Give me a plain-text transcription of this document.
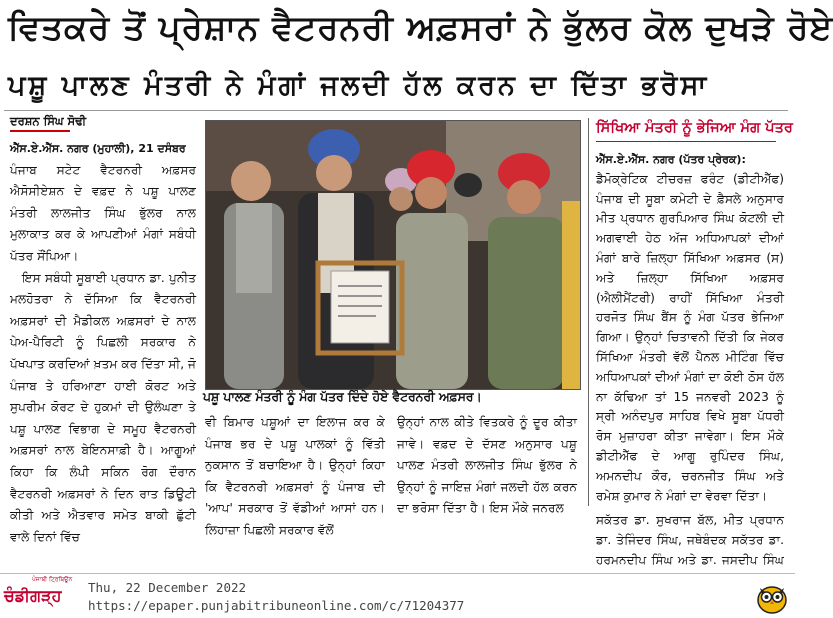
ਵਿਤਕਰੇ ਤੋਂ ਪ੍ਰੇਸ਼ਾਨ ਵੈਟਰਨਰੀ ਅਫ਼ਸਰਾਂ ਨੇ ਭੁੱਲਰ ਕੋਲ ਦੁਖੜੇ ਰੋਏ
ਪਸ਼ੂ ਪਾਲਣ ਮੰਤਰੀ ਨੇ ਮੰਗਾਂ ਜਲਦੀ ਹੱਲ ਕਰਨ ਦਾ ਦਿੱਤਾ ਭਰੋਸਾ
ਦਰਸ਼ਨ ਸਿੰਘ ਸੋਢੀ

ਐੱਸ.ਏ.ਐੱਸ. ਨਗਰ (ਮੁਹਾਲੀ), 21 ਦਸੰਬਰ

ਪੰਜਾਬ ਸਟੇਟ ਵੈਟਰਨਰੀ ਅਫ਼ਸਰ ਐਸੋਸੀਏਸ਼ਨ ਦੇ ਵਫ਼ਦ ਨੇ ਪਸ਼ੂ ਪਾਲਣ ਮੰਤਰੀ ਲਾਲਜੀਤ ਸਿੰਘ ਭੁੱਲਰ ਨਾਲ ਮੁਲਾਕਾਤ ਕਰ ਕੇ ਆਪਣੀਆਂ ਮੰਗਾਂ ਸਬੰਧੀ ਪੱਤਰ ਸੌਂਪਿਆ।

ਇਸ ਸਬੰਧੀ ਸੂਬਾਈ ਪ੍ਰਧਾਨ ਡਾ. ਪੁਨੀਤ ਮਲਹੋਤਰਾ ਨੇ ਦੱਸਿਆ ਕਿ ਵੈਟਰਨਰੀ ਅਫ਼ਸਰਾਂ ਦੀ ਮੈਡੀਕਲ ਅਫ਼ਸਰਾਂ ਦੇ ਨਾਲ ਪੇਅ-ਪੈਰਿਟੀ ਨੂੰ ਪਿਛਲੀ ਸਰਕਾਰ ਨੇ ਪੱਖਪਾਤ ਕਰਦਿਆਂ ਖ਼ਤਮ ਕਰ ਦਿੱਤਾ ਸੀ, ਜੋ ਪੰਜਾਬ ਤੇ ਹਰਿਆਣਾ ਹਾਈ ਕੋਰਟ ਅਤੇ ਸੁਪਰੀਮ ਕੋਰਟ ਦੇ ਹੁਕਮਾਂ ਦੀ ਉਲੰਘਣਾ ਤੇ ਪਸ਼ੂ ਪਾਲਣ ਵਿਭਾਗ ਦੇ ਸਮੂਹ ਵੈਟਰਨਰੀ ਅਫ਼ਸਰਾਂ ਨਾਲ ਬੇਇਨਸਾਫ਼ੀ ਹੈ। ਆਗੂਆਂ ਕਿਹਾ ਕਿ ਲੰਪੀ ਸਕਿਨ ਰੋਗ ਦੌਰਾਨ ਵੈਟਰਨਰੀ ਅਫ਼ਸਰਾਂ ਨੇ ਦਿਨ ਰਾਤ ਡਿਊਟੀ ਕੀਤੀ ਅਤੇ ਐਤਵਾਰ ਸਮੇਤ ਬਾਕੀ ਛੁੱਟੀ ਵਾਲੇ ਦਿਨਾਂ ਵਿੱਚ

ਪਸ਼ੂ ਪਾਲਣ ਮੰਤਰੀ ਨੂੰ ਮੰਗ ਪੱਤਰ ਦਿੰਦੇ ਹੋਏ ਵੈਟਰਨਰੀ ਅਫ਼ਸਰ।

ਵੀ ਬਿਮਾਰ ਪਸ਼ੂਆਂ ਦਾ ਇਲਾਜ ਕਰ ਕੇ ਪੰਜਾਬ ਭਰ ਦੇ ਪਸ਼ੂ ਪਾਲਕਾਂ ਨੂੰ ਵਿੱਤੀ ਨੁਕਸਾਨ ਤੋਂ ਬਚਾਇਆ ਹੈ। ਉਨ੍ਹਾਂ ਕਿਹਾ ਕਿ ਵੈਟਰਨਰੀ ਅਫ਼ਸਰਾਂ ਨੂੰ ਪੰਜਾਬ ਦੀ 'ਆਪ' ਸਰਕਾਰ ਤੋਂ ਵੱਡੀਆਂ ਆਸਾਂ ਹਨ। ਲਿਹਾਜ਼ਾ ਪਿਛਲੀ ਸਰਕਾਰ ਵੱਲੋਂ

ਉਨ੍ਹਾਂ ਨਾਲ ਕੀਤੇ ਵਿਤਕਰੇ ਨੂੰ ਦੂਰ ਕੀਤਾ ਜਾਵੇ। ਵਫ਼ਦ ਦੇ ਦੱਸਣ ਅਨੁਸਾਰ ਪਸ਼ੂ ਪਾਲਣ ਮੰਤਰੀ ਲਾਲਜੀਤ ਸਿੰਘ ਭੁੱਲਰ ਨੇ ਉਨ੍ਹਾਂ ਨੂੰ ਜਾਇਜ਼ ਮੰਗਾਂ ਜਲਦੀ ਹੱਲ ਕਰਨ ਦਾ ਭਰੋਸਾ ਦਿੱਤਾ ਹੈ। ਇਸ ਮੌਕੇ ਜਨਰਲ

ਸਿੱਖਿਆ ਮੰਤਰੀ ਨੂੰ ਭੇਜਿਆ ਮੰਗ ਪੱਤਰ

ਐੱਸ.ਏ.ਐੱਸ. ਨਗਰ (ਪੱਤਰ ਪ੍ਰੇਰਕ):

ਡੈਮੋਕ੍ਰੇਟਿਕ ਟੀਚਰਜ਼ ਫਰੰਟ (ਡੀਟੀਐੱਫ) ਪੰਜਾਬ ਦੀ ਸੂਬਾ ਕਮੇਟੀ ਦੇ ਫ਼ੈਸਲੇ ਅਨੁਸਾਰ ਮੀਤ ਪ੍ਰਧਾਨ ਗੁਰਪਿਆਰ ਸਿੰਘ ਕੋਟਲੀ ਦੀ ਅਗਵਾਈ ਹੇਠ ਅੱਜ ਅਧਿਆਪਕਾਂ ਦੀਆਂ ਮੰਗਾਂ ਬਾਰੇ ਜ਼ਿਲ੍ਹਾ ਸਿੱਖਿਆ ਅਫ਼ਸਰ (ਸ) ਅਤੇ ਜ਼ਿਲ੍ਹਾ ਸਿੱਖਿਆ ਅਫ਼ਸਰ (ਐਲੀਮੈਂਟਰੀ) ਰਾਹੀਂ ਸਿੱਖਿਆ ਮੰਤਰੀ ਹਰਜੋਤ ਸਿੰਘ ਬੈਂਸ ਨੂੰ ਮੰਗ ਪੱਤਰ ਭੇਜਿਆ ਗਿਆ। ਉਨ੍ਹਾਂ ਚਿਤਾਵਨੀ ਦਿੱਤੀ ਕਿ ਜੇਕਰ ਸਿੱਖਿਆ ਮੰਤਰੀ ਵੱਲੋਂ ਪੈਨਲ ਮੀਟਿੰਗ ਵਿੱਚ ਅਧਿਆਪਕਾਂ ਦੀਆਂ ਮੰਗਾਂ ਦਾ ਕੋਈ ਠੋਸ ਹੱਲ ਨਾ ਕੱਢਿਆ ਤਾਂ 15 ਜਨਵਰੀ 2023 ਨੂੰ ਸ੍ਰੀ ਅਨੰਦਪੁਰ ਸਾਹਿਬ ਵਿਖੇ ਸੂਬਾ ਪੱਧਰੀ ਰੋਸ ਮੁਜ਼ਾਹਰਾ ਕੀਤਾ ਜਾਵੇਗਾ। ਇਸ ਮੌਕੇ ਡੀਟੀਐੱਫ ਦੇ ਆਗੂ ਰੁਪਿੰਦਰ ਸਿੰਘ, ਅਮਨਦੀਪ ਕੌਰ, ਚਰਨਜੀਤ ਸਿੰਘ ਅਤੇ ਰਮੇਸ਼ ਕੁਮਾਰ ਨੇ ਮੰਗਾਂ ਦਾ ਵੇਰਵਾ ਦਿੱਤਾ।

ਸਕੱਤਰ ਡਾ. ਸੁਖਰਾਜ ਬੱਲ, ਮੀਤ ਪ੍ਰਧਾਨ ਡਾ. ਤੇਜਿੰਦਰ ਸਿੰਘ, ਜਥੇਬੰਦਕ ਸਕੱਤਰ ਡਾ. ਹਰਮਨਦੀਪ ਸਿੰਘ ਅਤੇ ਡਾ. ਜਸਦੀਪ ਸਿੰਘ

ਪੰਜਾਬੀ ਟ੍ਰਿਬਿਊਨ
ਚੰਡੀਗੜ੍ਹ Thu, 22 December 2022
https://epaper.punjabitribuneonline.com/c/71204377
